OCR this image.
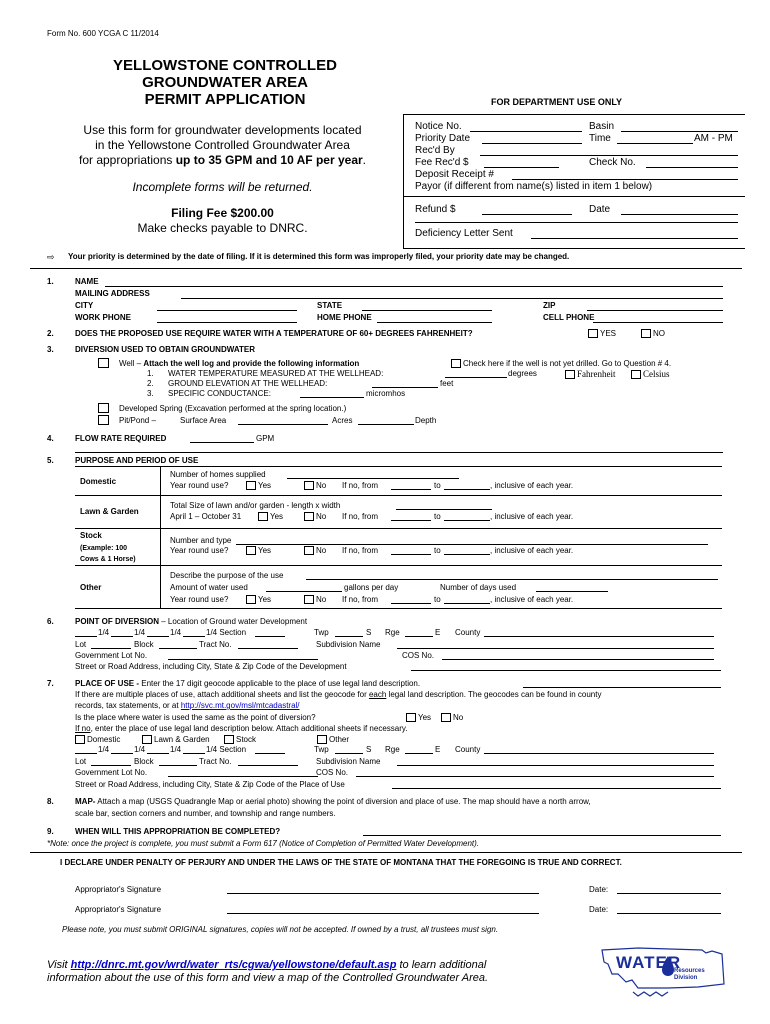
Form No. 600 YCGA C 11/2014
YELLOWSTONE CONTROLLED
GROUNDWATER AREA
PERMIT APPLICATION
Use this form for groundwater developments located
in the Yellowstone Controlled Groundwater Area
for appropriations up to 35 GPM and 10 AF per year.
Incomplete forms will be returned.
Filing Fee $200.00
Make checks payable to DNRC.
FOR DEPARTMENT USE ONLY
Notice No.	Basin
Priority Date	Time	AM - PM
Rec'd By
Fee Rec'd $	Check No.
Deposit Receipt #
Payor (if different from name(s) listed in item 1 below)
Refund $	Date
Deficiency Letter Sent
⇨ Your priority is determined by the date of filing. If it is determined this form was improperly filed, your priority date may be changed.
1.	NAME
MAILING ADDRESS
CITY	STATE	ZIP
WORK PHONE	HOME PHONE	CELL PHONE
2.	DOES THE PROPOSED USE REQUIRE WATER WITH A TEMPERATURE OF 60+ DEGREES FAHRENHEIT?	YES	NO
3.	DIVERSION USED TO OBTAIN GROUNDWATER
Well – Attach the well log and provide the following information	Check here if the well is not yet drilled. Go to Question # 4.
1. WATER TEMPERATURE MEASURED AT THE WELLHEAD:	degrees	Fahrenheit	Celsius
2. GROUND ELEVATION AT THE WELLHEAD:	feet
3. SPECIFIC CONDUCTANCE:	micromhos
Developed Spring (Excavation performed at the spring location.)
Pit/Pond –	Surface Area	Acres	Depth
4.	FLOW RATE REQUIRED	GPM
5.	PURPOSE AND PERIOD OF USE
Domestic
Number of homes supplied
Year round use?	Yes	No If no, from	to	, inclusive of each year.
Lawn & Garden
Total Size of lawn and/or garden - length x width
April 1 – October 31	Yes	No If no, from	to	, inclusive of each year.
Stock
(Example: 100
Cows & 1 Horse)
Number and type
Year round use?	Yes	No If no, from	to	, inclusive of each year.
Other
Describe the purpose of the use
Amount of water used	gallons per day	Number of days used
Year round use?	Yes	No If no, from	to	, inclusive of each year.
6.	POINT OF DIVERSION – Location of Ground water Development
1/4	1/4	1/4	1/4 Section	Twp	S Rge	E County
Lot	Block	Tract No.	Subdivision Name
Government Lot No.	COS No.
Street or Road Address, including City, State & Zip Code of the Development
7.	PLACE OF USE - Enter the 17 digit geocode applicable to the place of use legal land description.
If there are multiple places of use, attach additional sheets and list the geocode for each legal land description. The geocodes can be found in county
records, tax statements, or at http://svc.mt.gov/msl/mtcadastral/
Is the place where water is used the same as the point of diversion?	Yes	No
If no, enter the place of use legal land description below. Attach additional sheets if necessary.
Domestic	Lawn & Garden	Stock	Other
1/4	1/4	1/4	1/4 Section	Twp	S Rge	E County
Lot	Block	Tract No.	Subdivision Name
Government Lot No.	COS No.
Street or Road Address, including City, State & Zip Code of the Place of Use
8.	MAP- Attach a map (USGS Quadrangle Map or aerial photo) showing the point of diversion and place of use. The map should have a north arrow,
scale bar, section corners and number, and township and range numbers.
9.	WHEN WILL THIS APPROPRIATION BE COMPLETED?
*Note: once the project is complete, you must submit a Form 617 (Notice of Completion of Permitted Water Development).
I DECLARE UNDER PENALTY OF PERJURY AND UNDER THE LAWS OF THE STATE OF MONTANA THAT THE FOREGOING IS TRUE AND CORRECT.
Appropriator's Signature	Date:
Appropriator's Signature	Date:
Please note, you must submit ORIGINAL signatures, copies will not be accepted. If owned by a trust, all trustees must sign.
Visit http://dnrc.mt.gov/wrd/water_rts/cgwa/yellowstone/default.asp to learn additional
information about the use of this form and view a map of the Controlled Groundwater Area.
WATER
Resources
Division
